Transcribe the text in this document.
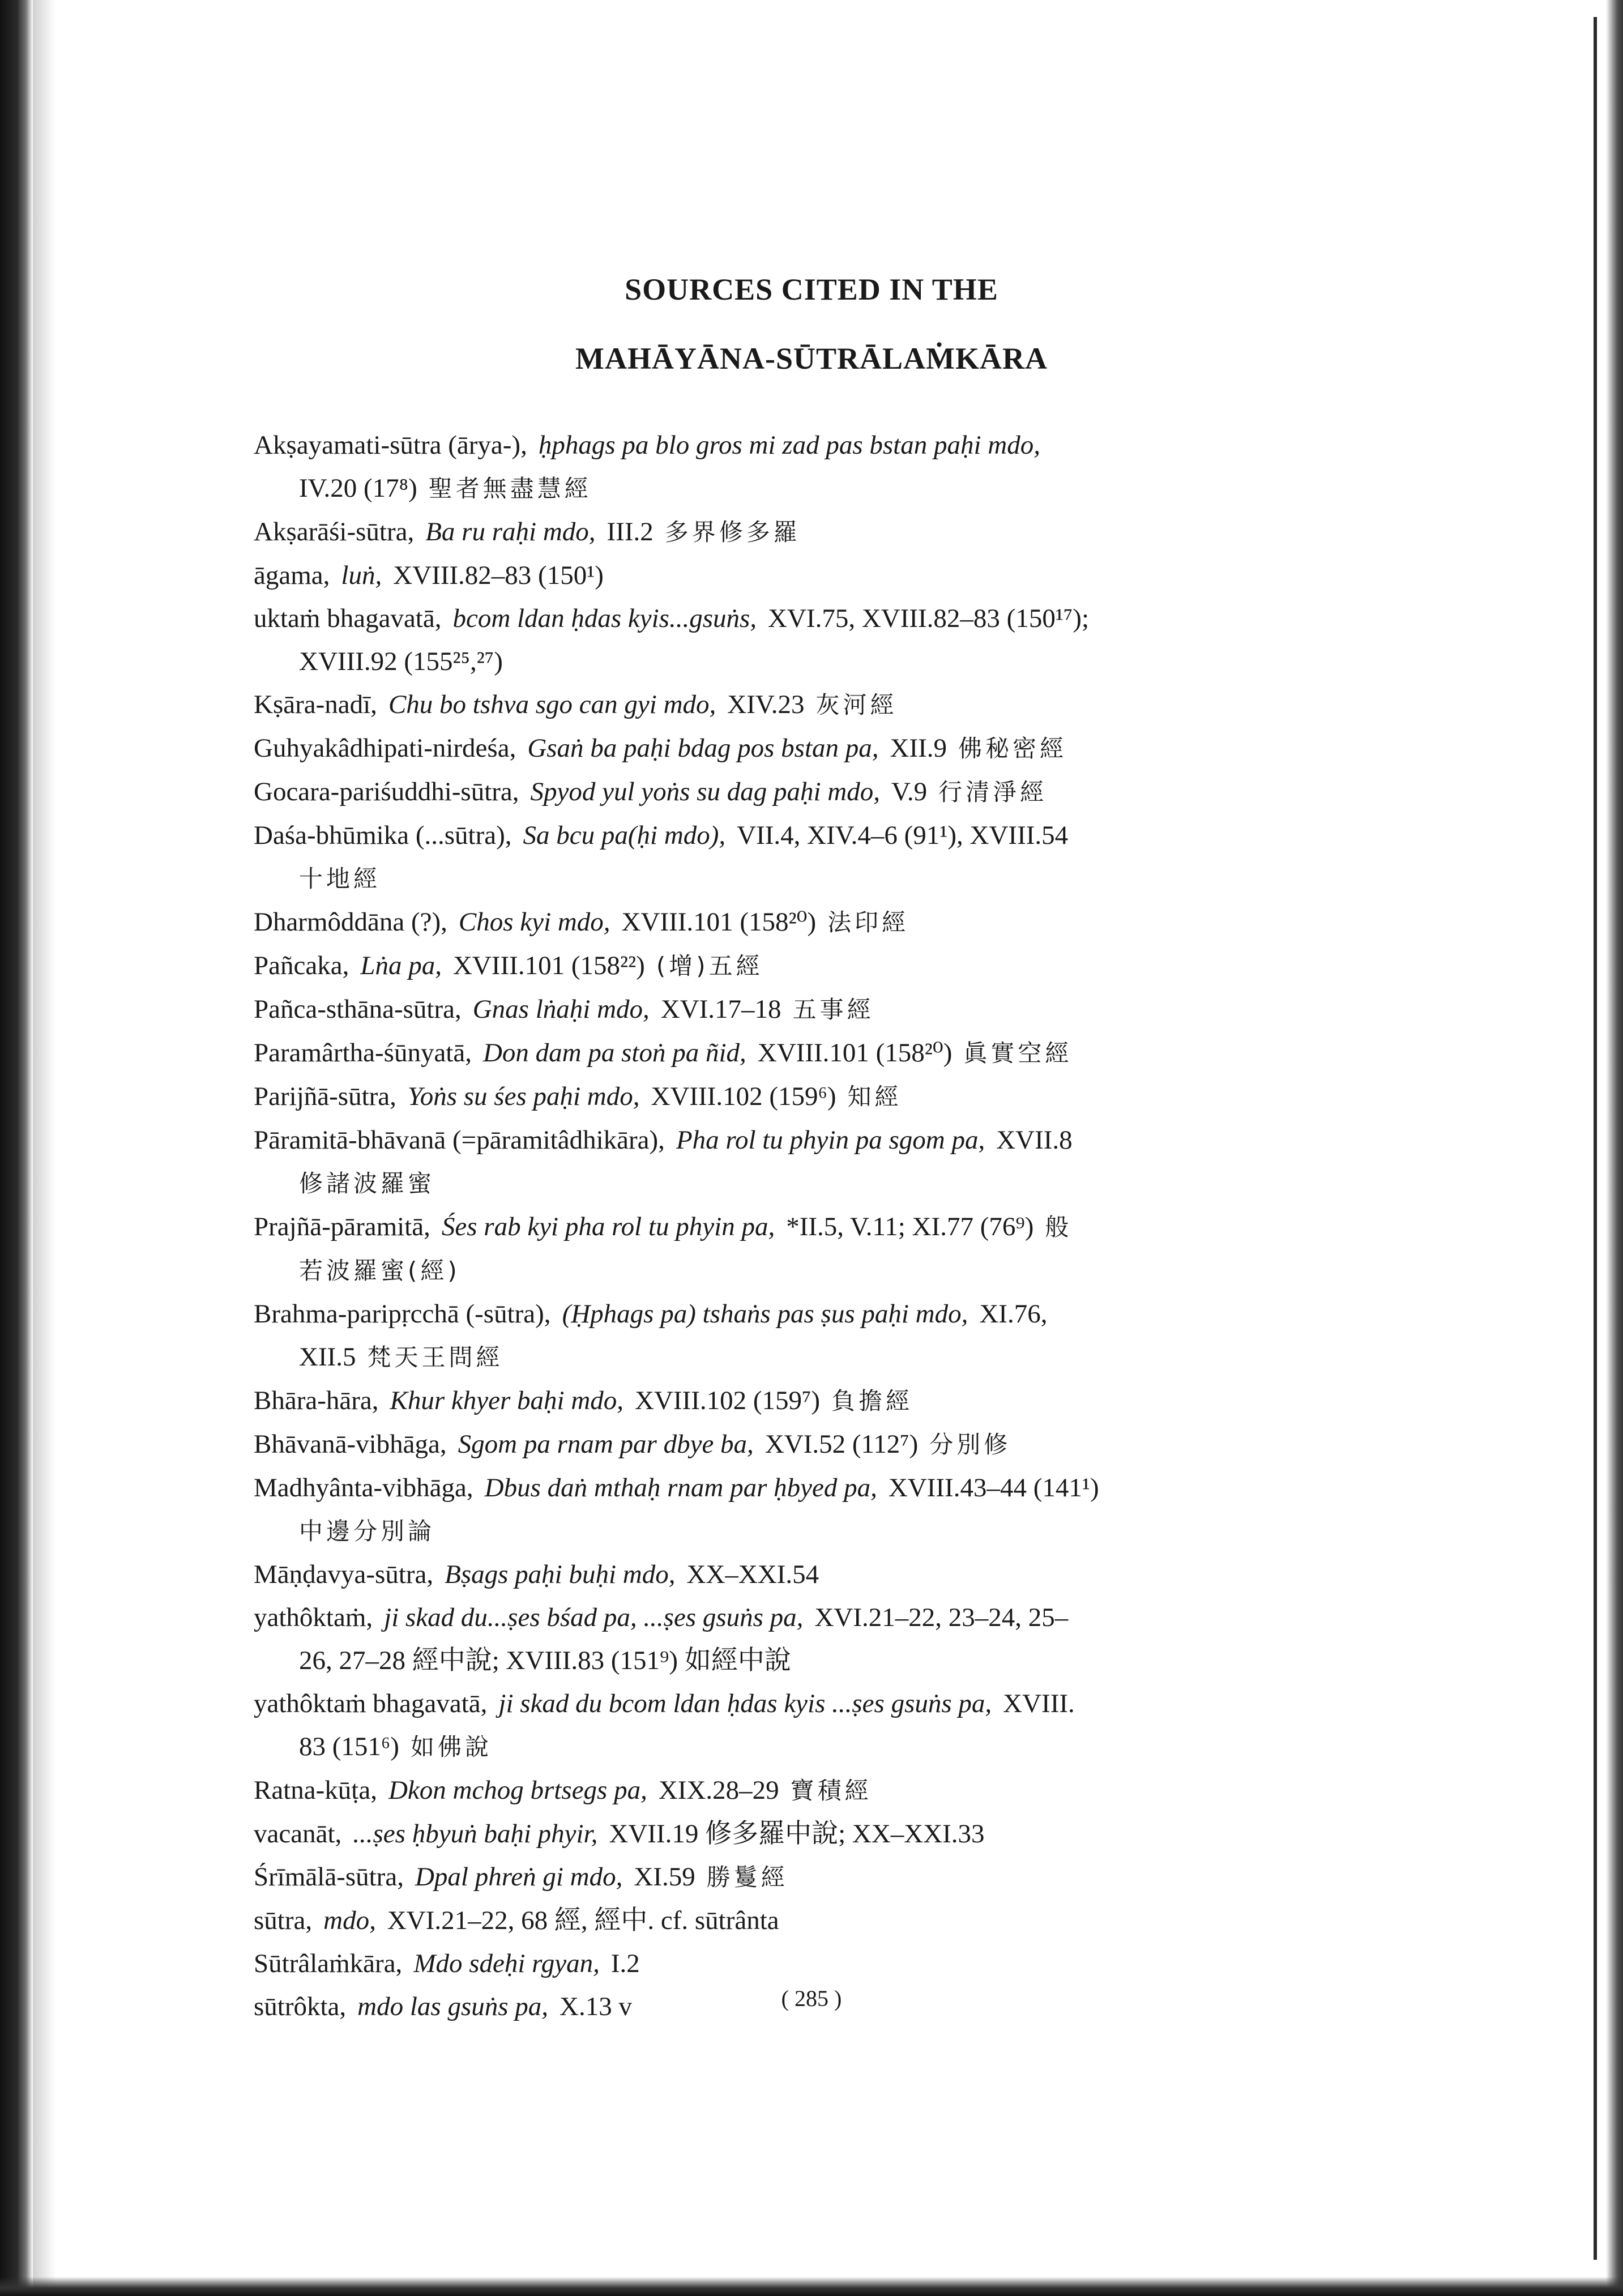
SOURCES CITED IN THE
MAHĀYĀNA-SŪTRĀLAṀKĀRA
Akṣayamati-sūtra (ārya-), ḥphags pa blo gros mi zad pas bstan paḥi mdo,
IV.20 (17⁸) 聖者無盡慧經
Akṣarāśi-sūtra, Ba ru raḥi mdo, III.2 多界修多羅
āgama, luṅ, XVIII.82–83 (150¹)
uktaṁ bhagavatā, bcom ldan ḥdas kyis...gsuṅs, XVI.75, XVIII.82–83 (150¹⁷);
XVIII.92 (155²⁵,²⁷)
Kṣāra-nadī, Chu bo tshva sgo can gyi mdo, XIV.23 灰河經
Guhyakâdhipati-nirdeśa, Gsaṅ ba paḥi bdag pos bstan pa, XII.9 佛秘密經
Gocara-pariśuddhi-sūtra, Spyod yul yoṅs su dag paḥi mdo, V.9 行清淨經
Daśa-bhūmika (...sūtra), Sa bcu pa(ḥi mdo), VII.4, XIV.4–6 (91¹), XVIII.54
十地經
Dharmôddāna (?), Chos kyi mdo, XVIII.101 (158²⁰) 法印經
Pañcaka, Lṅa pa, XVIII.101 (158²²) (增)五經
Pañca-sthāna-sūtra, Gnas lṅaḥi mdo, XVI.17–18 五事經
Paramârtha-śūnyatā, Don dam pa stoṅ pa ñid, XVIII.101 (158²⁰) 眞實空經
Parijñā-sūtra, Yoṅs su śes paḥi mdo, XVIII.102 (159⁶) 知經
Pāramitā-bhāvanā (=pāramitâdhikāra), Pha rol tu phyin pa sgom pa, XVII.8
修諸波羅蜜
Prajñā-pāramitā, Śes rab kyi pha rol tu phyin pa, *II.5, V.11; XI.77 (76⁹) 般
若波羅蜜(經)
Brahma-paripṛcchā (-sūtra), (Ḥphags pa) tshaṅs pas ṣus paḥi mdo, XI.76,
XII.5 梵天王問經
Bhāra-hāra, Khur khyer baḥi mdo, XVIII.102 (159⁷) 負擔經
Bhāvanā-vibhāga, Sgom pa rnam par dbye ba, XVI.52 (112⁷) 分別修
Madhyânta-vibhāga, Dbus daṅ mthaḥ rnam par ḥbyed pa, XVIII.43–44 (141¹)
中邊分別論
Māṇḍavya-sūtra, Bṣags paḥi buḥi mdo, XX–XXI.54
yathôktaṁ, ji skad du...ṣes bśad pa, ...ṣes gsuṅs pa, XVI.21–22, 23–24, 25–
26, 27–28 經中說; XVIII.83 (151⁹) 如經中說
yathôktaṁ bhagavatā, ji skad du bcom ldan ḥdas kyis ...ṣes gsuṅs pa, XVIII.
83 (151⁶) 如佛說
Ratna-kūṭa, Dkon mchog brtsegs pa, XIX.28–29 寶積經
vacanāt, ...ṣes ḥbyuṅ baḥi phyir, XVII.19 修多羅中說; XX–XXI.33
Śrīmālā-sūtra, Dpal phreṅ gi mdo, XI.59 勝鬘經
sūtra, mdo, XVI.21–22, 68 經, 經中. cf. sūtrânta
Sūtrâlaṁkāra, Mdo sdeḥi rgyan, I.2
sūtrôkta, mdo las gsuṅs pa, X.13 v	( 285 )
